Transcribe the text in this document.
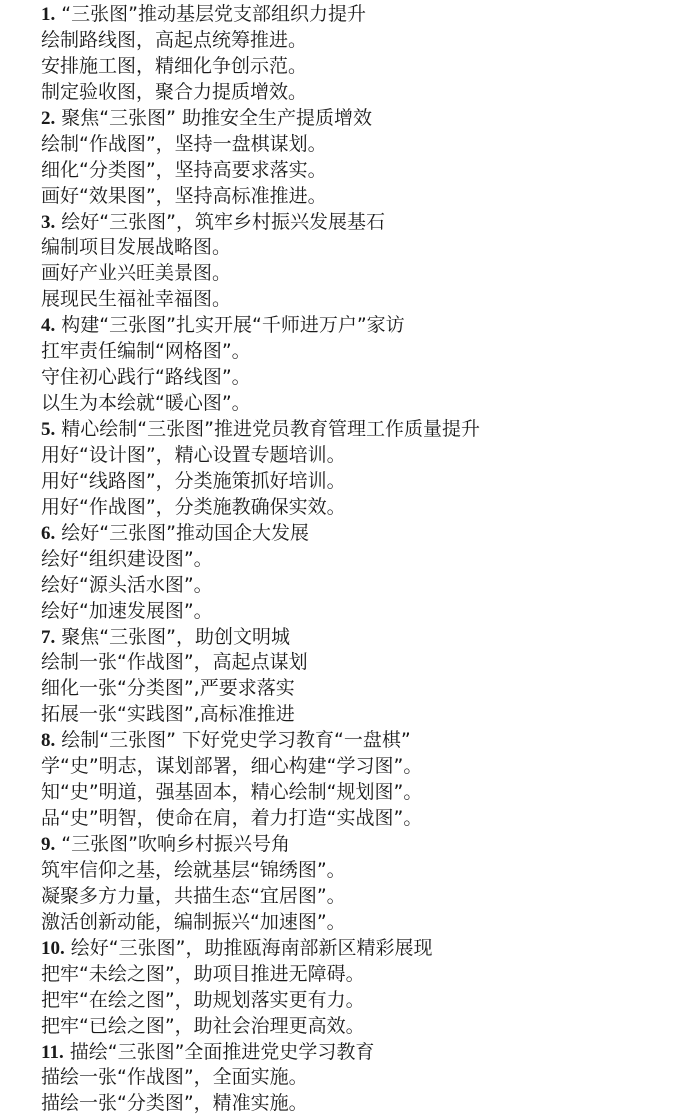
1. “三张图”推动基层党支部组织力提升
绘制路线图，高起点统筹推进。
安排施工图，精细化争创示范。
制定验收图，聚合力提质增效。
2. 聚焦“三张图” 助推安全生产提质增效
绘制“作战图”，坚持一盘棋谋划。
细化“分类图”，坚持高要求落实。
画好“效果图”，坚持高标准推进。
3. 绘好“三张图”，筑牢乡村振兴发展基石
编制项目发展战略图。
画好产业兴旺美景图。
展现民生福祉幸福图。
4. 构建“三张图”扎实开展“千师进万户”家访
扛牢责任编制“网格图”。
守住初心践行“路线图”。
以生为本绘就“暖心图”。
5. 精心绘制“三张图”推进党员教育管理工作质量提升
用好“设计图”，精心设置专题培训。
用好“线路图”，分类施策抓好培训。
用好“作战图”，分类施教确保实效。
6. 绘好“三张图”推动国企大发展
绘好“组织建设图”。
绘好“源头活水图”。
绘好“加速发展图”。
7. 聚焦“三张图”，助创文明城
绘制一张“作战图”，高起点谋划
细化一张“分类图”,严要求落实
拓展一张“实践图”,高标准推进
8. 绘制“三张图” 下好党史学习教育“一盘棋”
学“史”明志，谋划部署，细心构建“学习图”。
知“史”明道，强基固本，精心绘制“规划图”。
品“史”明智，使命在肩，着力打造“实战图”。
9. “三张图”吹响乡村振兴号角
筑牢信仰之基，绘就基层“锦绣图”。
凝聚多方力量，共描生态“宜居图”。
激活创新动能，编制振兴“加速图”。
10. 绘好“三张图”，助推瓯海南部新区精彩展现
把牢“未绘之图”，助项目推进无障碍。
把牢“在绘之图”，助规划落实更有力。
把牢“已绘之图”，助社会治理更高效。
11. 描绘“三张图”全面推进党史学习教育
描绘一张“作战图”，全面实施。
描绘一张“分类图”，精准实施。
